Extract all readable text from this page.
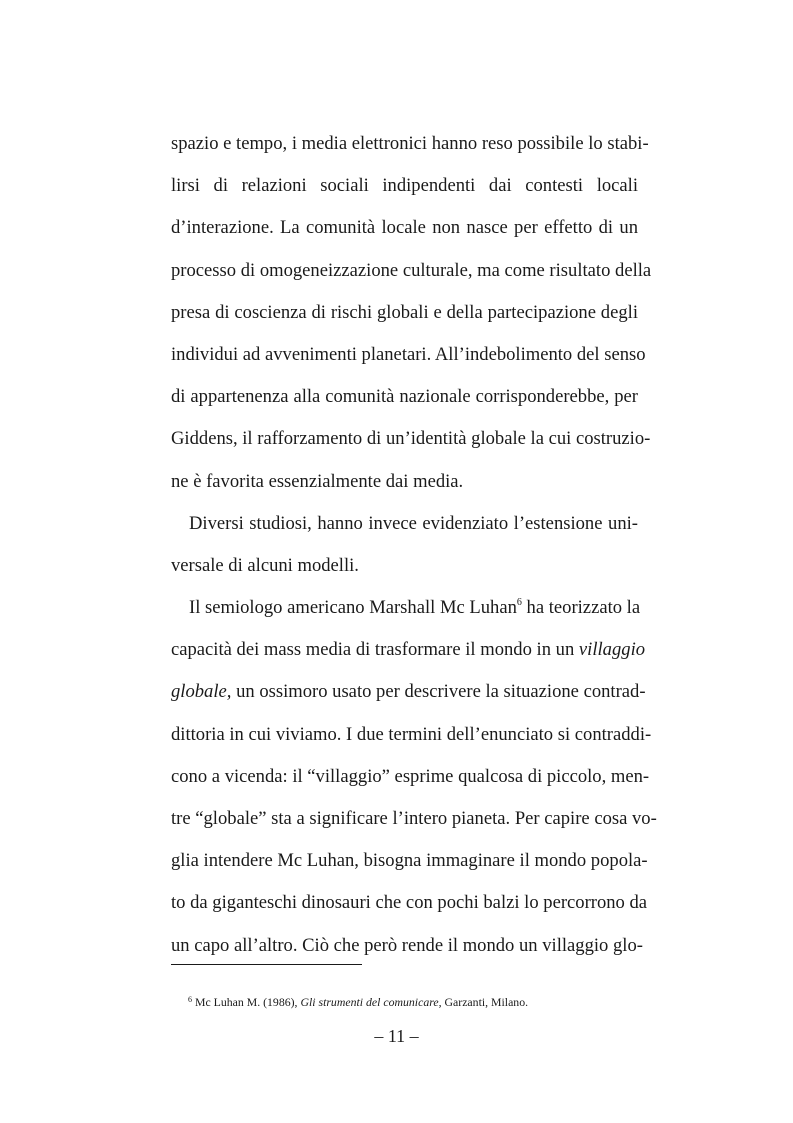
spazio e tempo, i media elettronici hanno reso possibile lo stabi-
lirsi di relazioni sociali indipendenti dai contesti locali
d’interazione. La comunità locale non nasce per effetto di un
processo di omogeneizzazione culturale, ma come risultato della
presa di coscienza di rischi globali e della partecipazione degli
individui ad avvenimenti planetari. All’indebolimento del senso
di appartenenza alla comunità nazionale corrisponderebbe, per
Giddens, il rafforzamento di un’identità globale la cui costruzio-
ne è favorita essenzialmente dai media.
Diversi studiosi, hanno invece evidenziato l’estensione uni-
versale di alcuni modelli.
Il semiologo americano Marshall Mc Luhan$^6$ ha teorizzato la
capacità dei mass media di trasformare il mondo in un villaggio
globale, un ossimoro usato per descrivere la situazione contrad-
dittoria in cui viviamo. I due termini dell’enunciato si contraddi-
cono a vicenda: il “villaggio” esprime qualcosa di piccolo, men-
tre “globale” sta a significare l’intero pianeta. Per capire cosa vo-
glia intendere Mc Luhan, bisogna immaginare il mondo popola-
to da giganteschi dinosauri che con pochi balzi lo percorrono da
un capo all’altro. Ciò che però rende il mondo un villaggio glo-
$^6$ Mc Luhan M. (1986), Gli strumenti del comunicare, Garzanti, Milano.
– 11 –
